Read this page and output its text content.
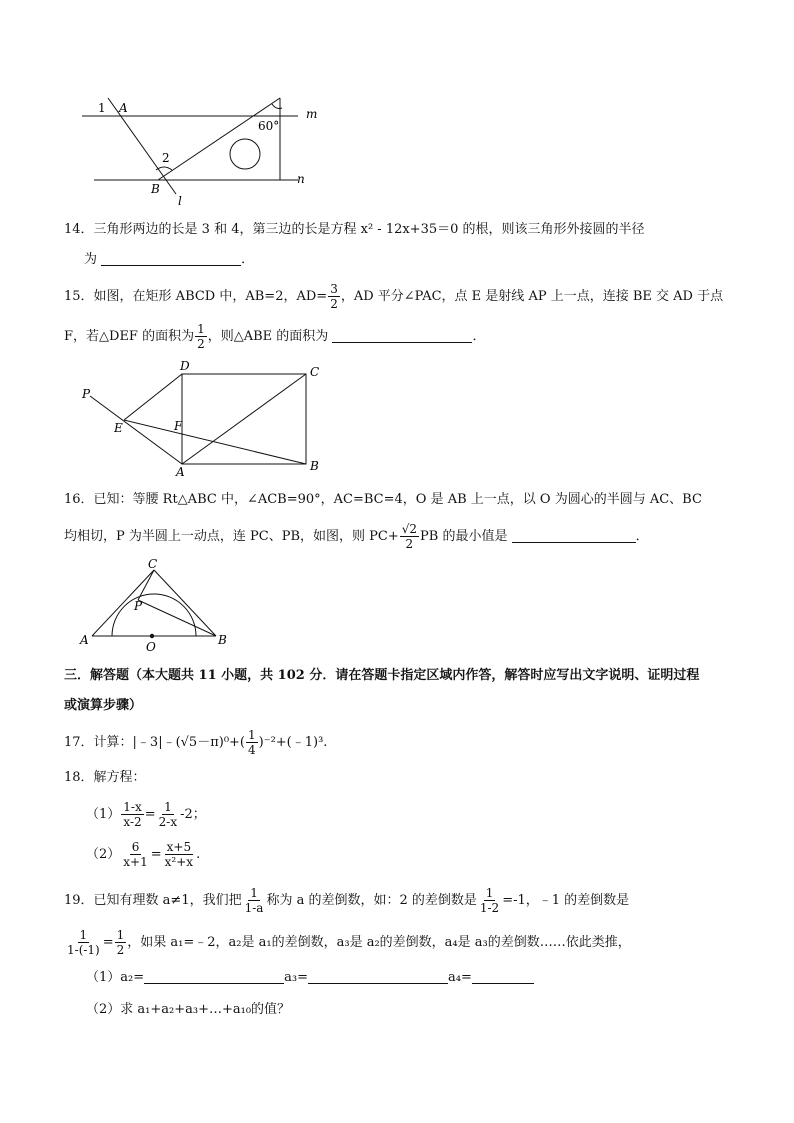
1 A
60°
m
2
B
n
l
14．三角形两边的长是 3 和 4，第三边的长是方程 x² - 12x+35＝0 的根，则该三角形外接圆的半径
为	．
15．如图，在矩形 ABCD 中，AB=2，$AD= \frac{3}{2}$ ，AD 平分∠PAC，点 E 是射线 AP 上一点，连接 BE 交 AD 于点
F，若△DEF 的面积为 $\frac{1}{2}$ ，则△ABE 的面积为	．
P
D	C
E	F
A	B
16．已知：等腰 Rt△ABC 中，∠ACB=90°，AC=BC=4，O 是 AB 上一点，以 O 为圆心的半圆与 AC、BC
均相切，P 为半圆上一动点，连 PC、PB，如图，则 $PC+ \frac{√2}{2}$ PB 的最小值是	．
C
P
A	O	B
三．解答题（本大题共 11 小题，共 102 分．请在答题卡指定区域内作答，解答时应写出文字说明、证明过程
或演算步骤）
17．计算：|﹣3|﹣(√5－π)⁰+( $\frac{1}{4}$ )⁻²+(﹣1)³.
18．解方程：
$(1) \frac{1-x}{x-2} = \frac{1}{2-x} -2$；
$(2) \frac{6}{x+1} = \frac{x+5}{\text{x²+x}}$ .
19．已知有理数 a≠1，我们把 $\frac{1}{1-a}$ 称为 a 的差倒数，如：2 的差倒数是 $\frac{1}{1-2} =-1$，﹣1 的差倒数是
$\frac{1}{1-(-1)} = \frac{1}{2}$ ，如果 a₁=﹣2，a₂是 a₁的差倒数，a₃是 a₂的差倒数，a₄是 a₃的差倒数……依此类推，
（1）a₂=	a₃=	a₄=
（2）求 a₁+a₂+a₃+…+a₁₀的值？
